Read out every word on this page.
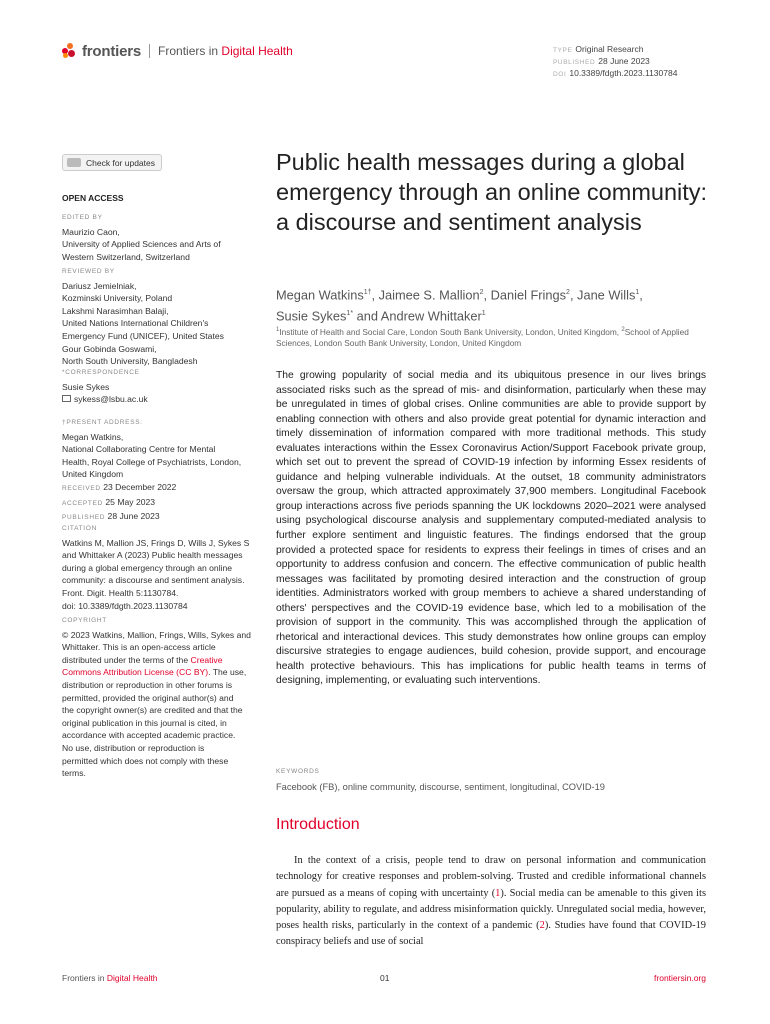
frontiers Frontiers in Digital Health	TYPE Original Research
PUBLISHED 28 June 2023
DOI 10.3389/fdgth.2023.1130784
Check for updates
OPEN ACCESS
EDITED BY
Maurizio Caon,
University of Applied Sciences and Arts of
Western Switzerland, Switzerland
REVIEWED BY
Dariusz Jemielniak,
Kozminski University, Poland
Lakshmi Narasimhan Balaji,
United Nations International Children's
Emergency Fund (UNICEF), United States
Gour Gobinda Goswami,
North South University, Bangladesh
*CORRESPONDENCE
Susie Sykes
sykess@lsbu.ac.uk
†PRESENT ADDRESS:
Megan Watkins,
National Collaborating Centre for Mental
Health, Royal College of Psychiatrists, London,
United Kingdom
RECEIVED 23 December 2022
ACCEPTED 25 May 2023
PUBLISHED 28 June 2023
CITATION
Watkins M, Mallion JS, Frings D, Wills J, Sykes S
and Whittaker A (2023) Public health messages
during a global emergency through an online
community: a discourse and sentiment analysis.
Front. Digit. Health 5:1130784.
doi: 10.3389/fdgth.2023.1130784
COPYRIGHT
© 2023 Watkins, Mallion, Frings, Wills, Sykes and
Whittaker. This is an open-access article
distributed under the terms of the Creative
Commons Attribution License (CC BY). The use,
distribution or reproduction in other forums is
permitted, provided the original author(s) and
the copyright owner(s) are credited and that the
original publication in this journal is cited, in
accordance with accepted academic practice.
No use, distribution or reproduction is
permitted which does not comply with these
terms.
Public health messages during a global emergency through an online community: a discourse and sentiment analysis
Megan Watkins$^{1\dagger}$, Jaimee S. Mallion$^2$, Daniel Frings$^2$, Jane Wills$^1$,
Susie Sykes$^{1*}$ and Andrew Whittaker$^1$
$^1$Institute of Health and Social Care, London South Bank University, London, United Kingdom, $^2$School of Applied Sciences, London South Bank University, London, United Kingdom

The growing popularity of social media and its ubiquitous presence in our lives brings associated risks such as the spread of mis- and disinformation, particularly when these may be unregulated in times of global crises. Online communities are able to provide support by enabling connection with others and also provide great potential for dynamic interaction and timely dissemination of information compared with more traditional methods. This study evaluates interactions within the Essex Coronavirus Action/Support Facebook private group, which set out to prevent the spread of COVID-19 infection by informing Essex residents of guidance and helping vulnerable individuals. At the outset, 18 community administrators oversaw the group, which attracted approximately 37,900 members. Longitudinal Facebook group interactions across five periods spanning the UK lockdowns 2020–2021 were analysed using psychological discourse analysis and supplementary computed-mediated analysis to further explore sentiment and linguistic features. The findings endorsed that the group provided a protected space for residents to express their feelings in times of crises and an opportunity to address confusion and concern. The effective communication of public health messages was facilitated by promoting desired interaction and the construction of group identities. Administrators worked with group members to achieve a shared understanding of others' perspectives and the COVID-19 evidence base, which led to a mobilisation of the provision of support in the community. This was accomplished through the application of rhetorical and interactional devices. This study demonstrates how online groups can employ discursive strategies to engage audiences, build cohesion, provide support, and encourage health protective behaviours. This has implications for public health teams in terms of designing, implementing, or evaluating such interventions.

KEYWORDS
Facebook (FB), online community, discourse, sentiment, longitudinal, COVID-19
Introduction

In the context of a crisis, people tend to draw on personal information and communication technology for creative responses and problem-solving. Trusted and credible informational channels are pursued as a means of coping with uncertainty (1). Social media can be amenable to this given its popularity, ability to regulate, and address misinformation quickly. Unregulated social media, however, poses health risks, particularly in the context of a pandemic (2). Studies have found that COVID-19 conspiracy beliefs and use of social

Frontiers in Digital Health	01	frontiersin.org
